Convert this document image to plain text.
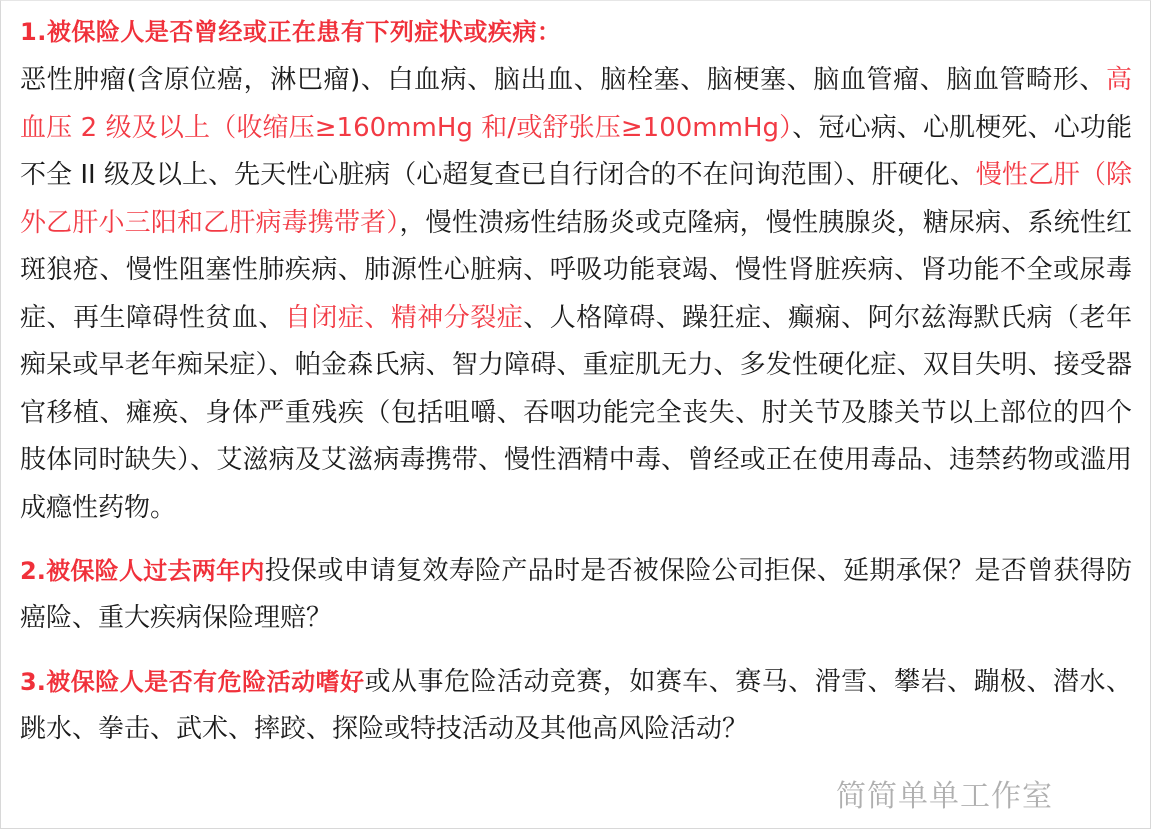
1.被保险人是否曾经或正在患有下列症状或疾病：

恶性肿瘤(含原位癌，淋巴瘤)、白血病、脑出血、脑栓塞、脑梗塞、脑血管瘤、脑血管畸形、高血压 2 级及以上（收缩压≥160mmHg 和/或舒张压≥100mmHg）、冠心病、心肌梗死、心功能不全 II 级及以上、先天性心脏病（心超复查已自行闭合的不在问询范围）、肝硬化、慢性乙肝（除外乙肝小三阳和乙肝病毒携带者），慢性溃疡性结肠炎或克隆病，慢性胰腺炎，糖尿病、系统性红斑狼疮、慢性阻塞性肺疾病、肺源性心脏病、呼吸功能衰竭、慢性肾脏疾病、肾功能不全或尿毒症、再生障碍性贫血、自闭症、精神分裂症、人格障碍、躁狂症、癫痫、阿尔兹海默氏病（老年痴呆或早老年痴呆症）、帕金森氏病、智力障碍、重症肌无力、多发性硬化症、双目失明、接受器官移植、瘫痪、身体严重残疾（包括咀嚼、吞咽功能完全丧失、肘关节及膝关节以上部位的四个肢体同时缺失）、艾滋病及艾滋病毒携带、慢性酒精中毒、曾经或正在使用毒品、违禁药物或滥用成瘾性药物。

2.被保险人过去两年内投保或申请复效寿险产品时是否被保险公司拒保、延期承保？是否曾获得防癌险、重大疾病保险理赔？

3.被保险人是否有危险活动嗜好或从事危险活动竞赛，如赛车、赛马、滑雪、攀岩、蹦极、潜水、跳水、拳击、武术、摔跤、探险或特技活动及其他高风险活动？

简简单单工作室
